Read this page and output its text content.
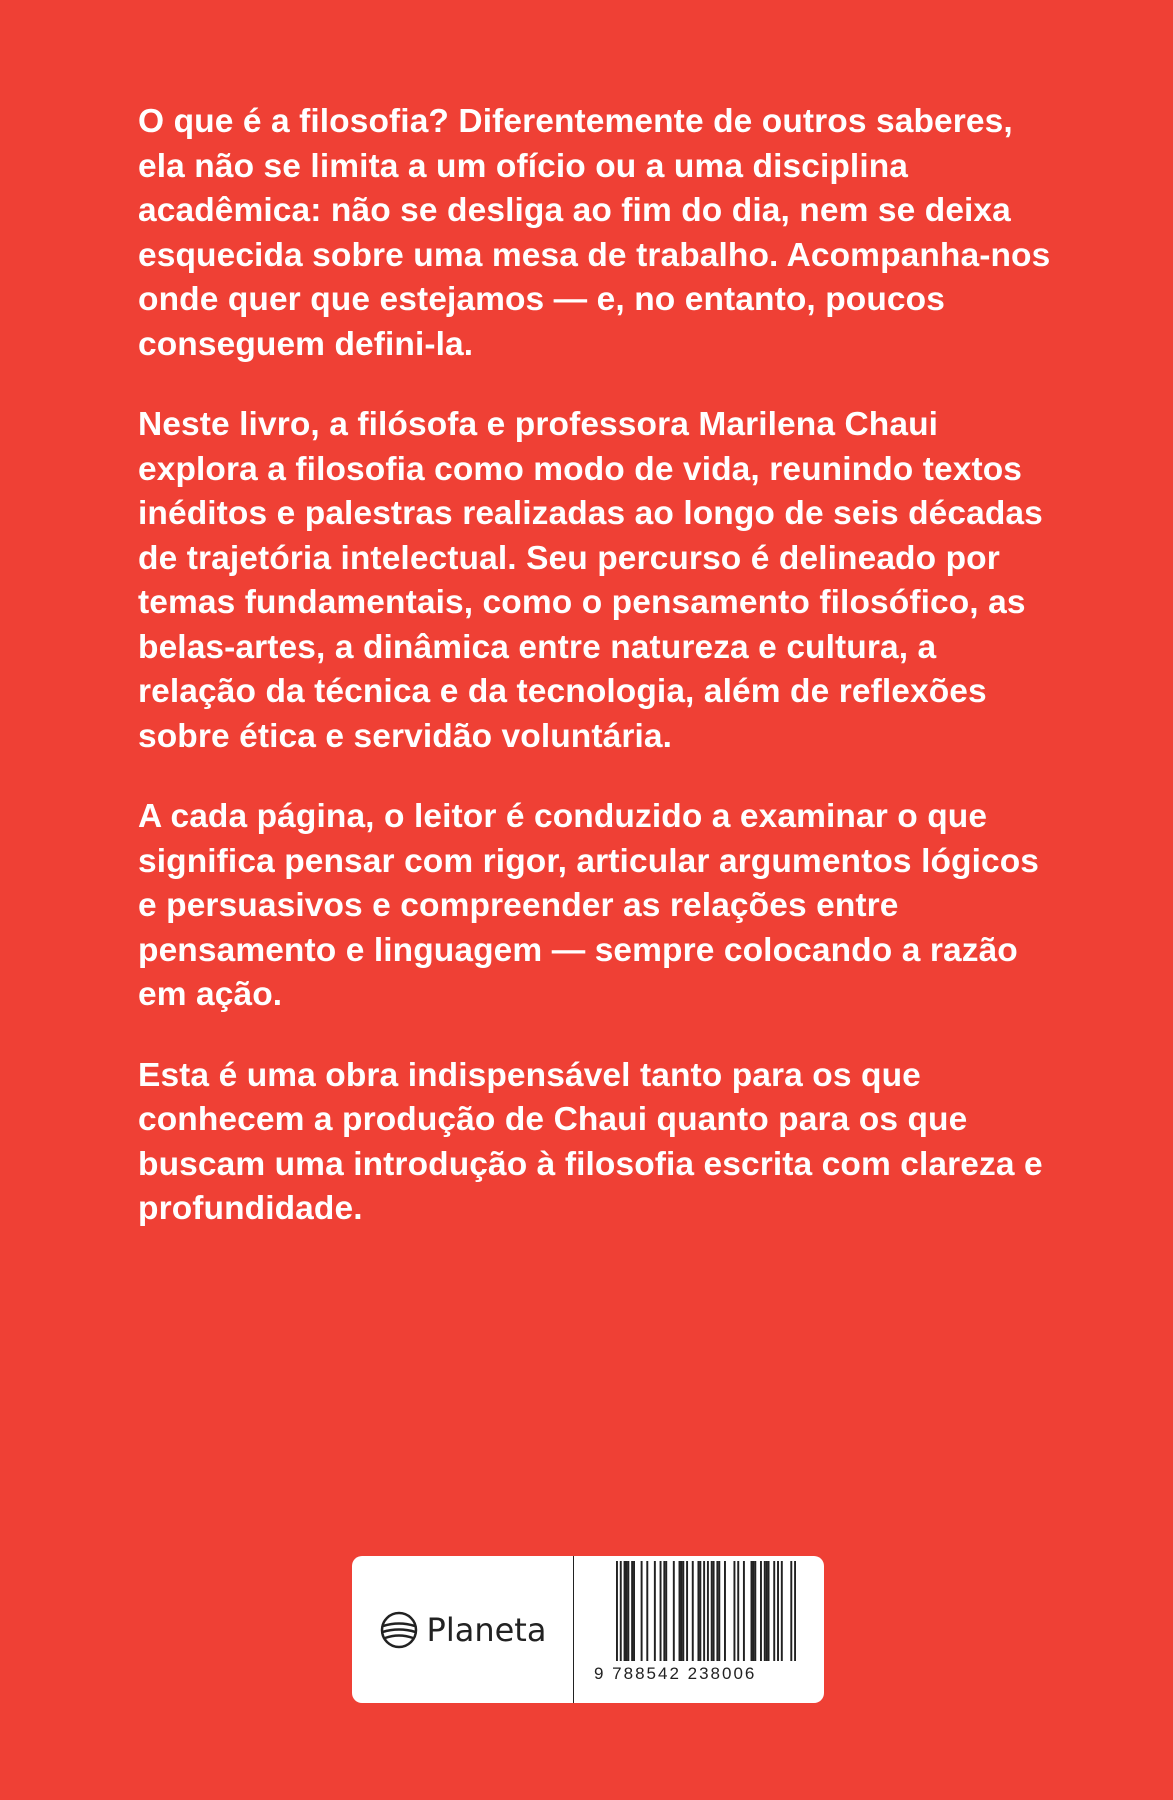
O que é a filosofia? Diferentemente de outros saberes, ela não se limita a um ofício ou a uma disciplina acadêmica: não se desliga ao fim do dia, nem se deixa esquecida sobre uma mesa de trabalho. Acompanha-nos onde quer que estejamos — e, no entanto, poucos conseguem defini-la.

Neste livro, a filósofa e professora Marilena Chaui explora a filosofia como modo de vida, reunindo textos inéditos e palestras realizadas ao longo de seis décadas de trajetória intelectual. Seu percurso é delineado por temas fundamentais, como o pensamento filosófico, as belas-artes, a dinâmica entre natureza e cultura, a relação da técnica e da tecnologia, além de reflexões sobre ética e servidão voluntária.

A cada página, o leitor é conduzido a examinar o que significa pensar com rigor, articular argumentos lógicos e persuasivos e compreender as relações entre pensamento e linguagem — sempre colocando a razão em ação.

Esta é uma obra indispensável tanto para os que conhecem a produção de Chaui quanto para os que buscam uma introdução à filosofia escrita com clareza e profundidade.

Planeta
9 788542 238006
